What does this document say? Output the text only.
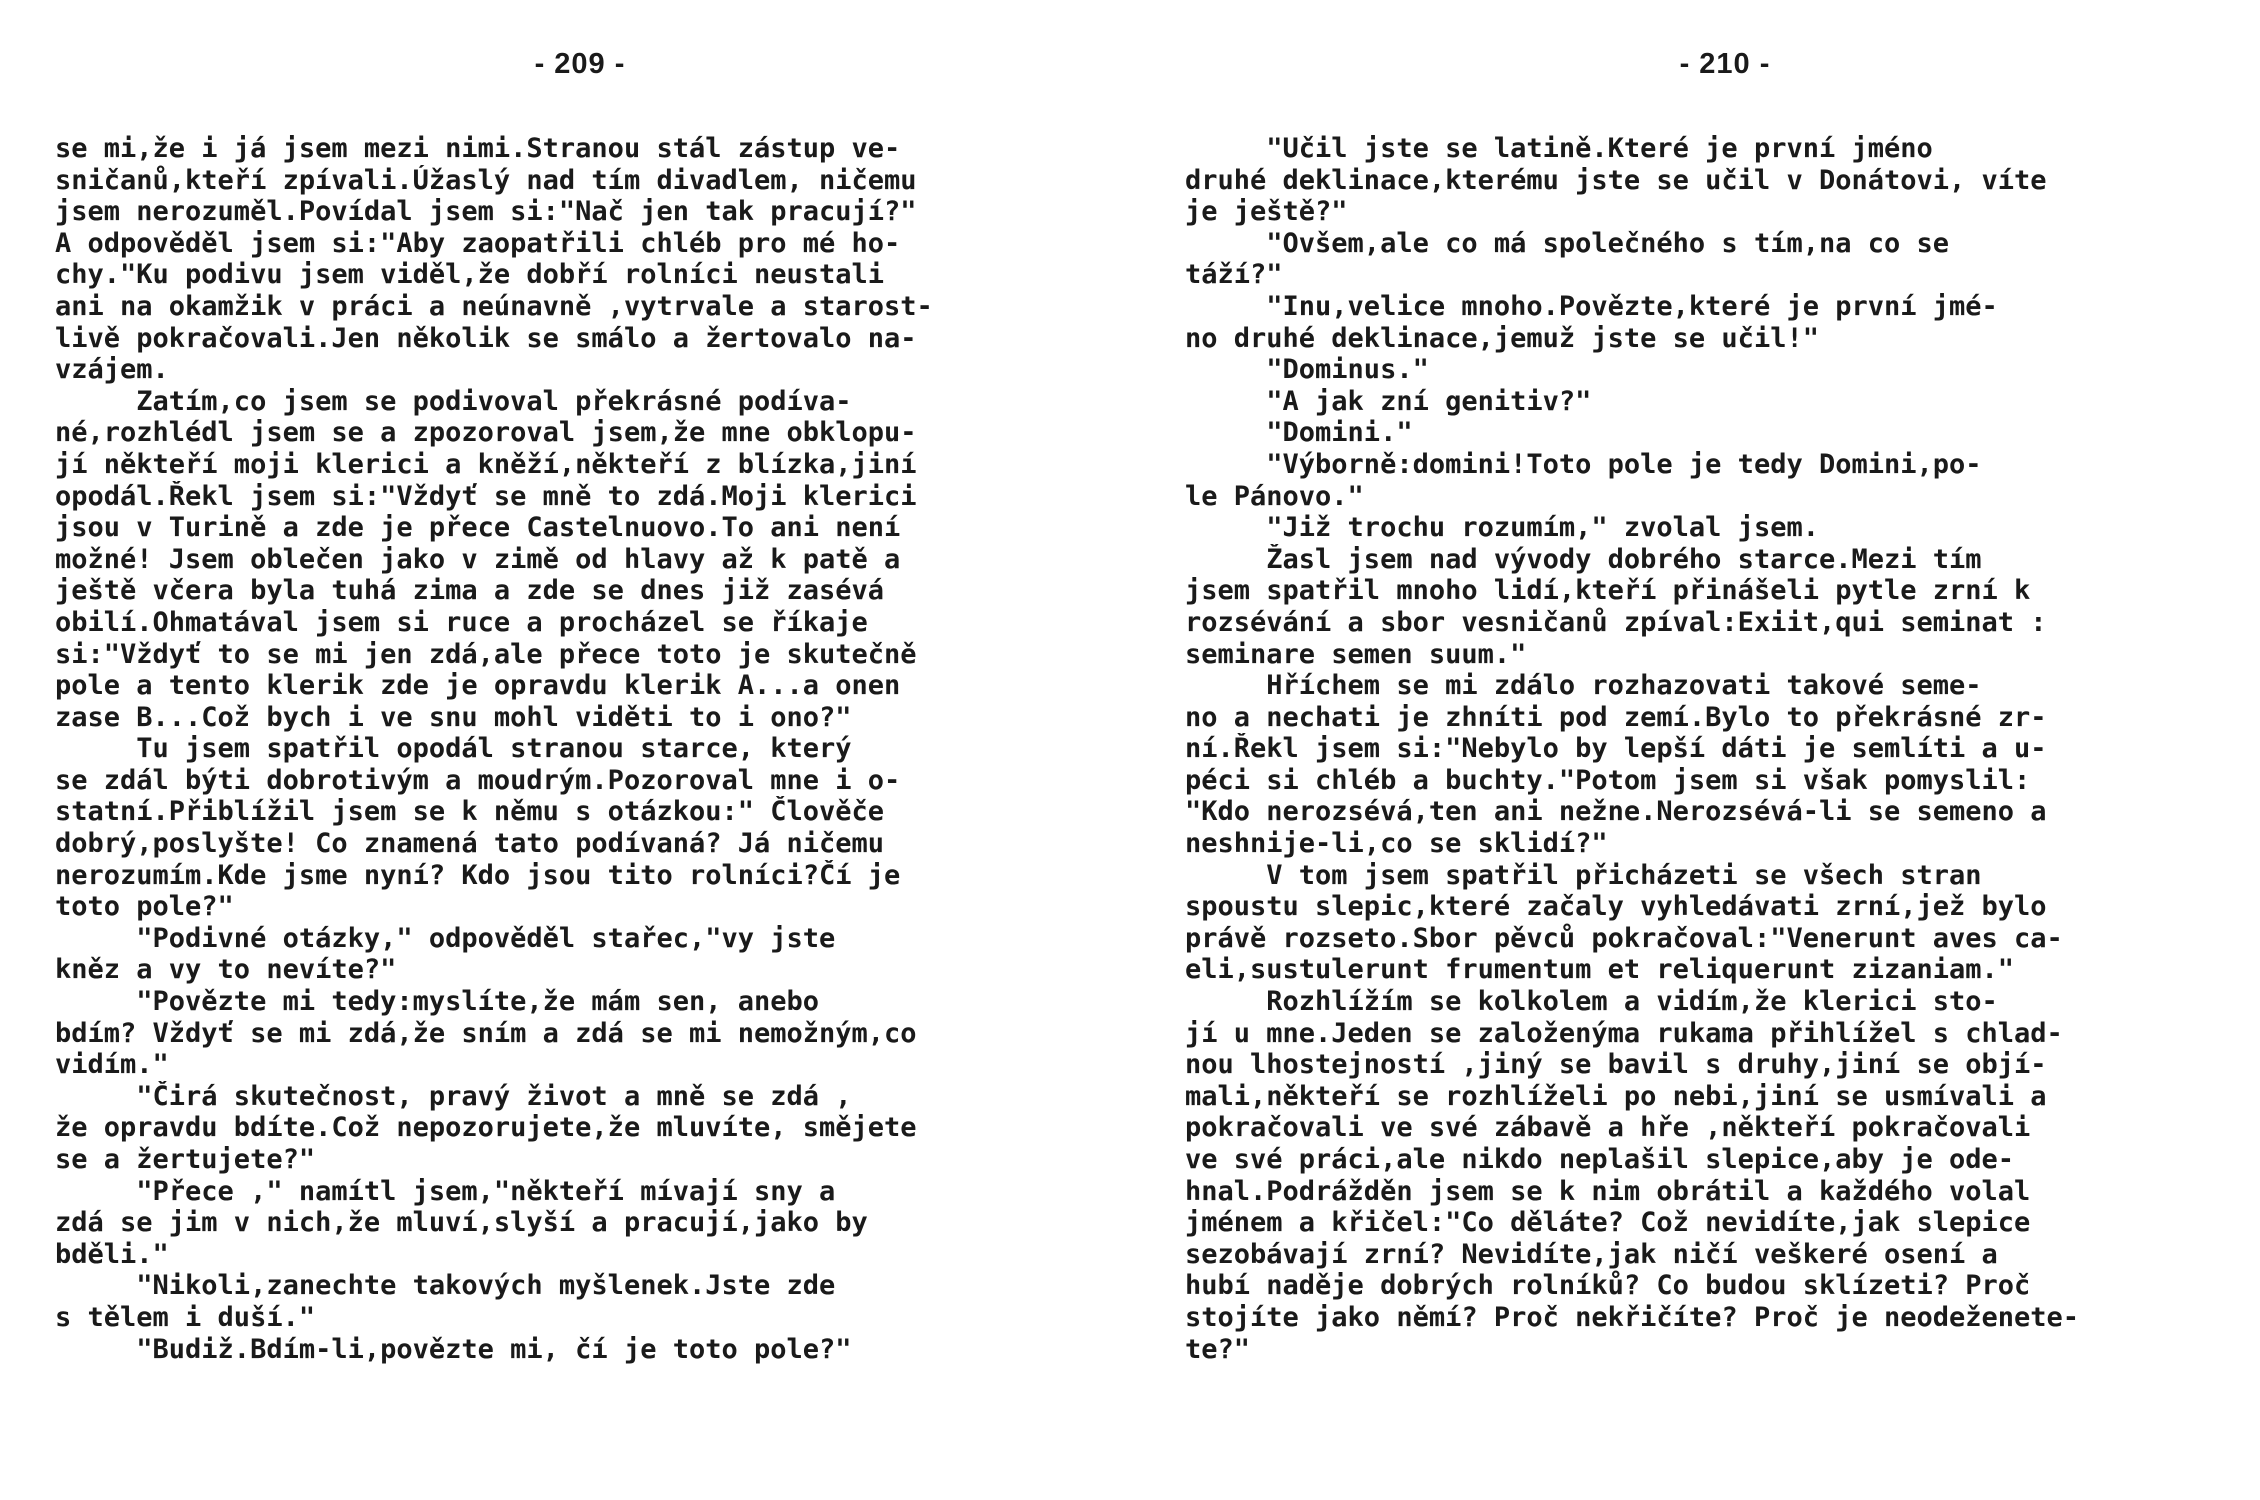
- 209 -
se mi,že i já jsem mezi nimi.Stranou stál zástup ve-
sničanů,kteří zpívali.Úžaslý nad tím divadlem, ničemu
jsem nerozuměl.Povídal jsem si:"Nač jen tak pracují?"
A odpověděl jsem si:"Aby zaopatřili chléb pro mé ho-
chy."Ku podivu jsem viděl,že dobří rolníci neustali
ani na okamžik v práci a neúnavně ,vytrvale a starost-
livě pokračovali.Jen několik se smálo a žertovalo na-
vzájem.
Zatím,co jsem se podivoval překrásné podíva-
né,rozhlédl jsem se a zpozoroval jsem,že mne obklopu-
jí někteří moji klerici a kněží,někteří z blízka,jiní
opodál.Řekl jsem si:"Vždyť se mně to zdá.Moji klerici
jsou v Turině a zde je přece Castelnuovo.To ani není
možné! Jsem oblečen jako v zimě od hlavy až k patě a
ještě včera byla tuhá zima a zde se dnes již zasévá
obilí.Ohmatával jsem si ruce a procházel se říkaje
si:"Vždyť to se mi jen zdá,ale přece toto je skutečně
pole a tento klerik zde je opravdu klerik A...a onen
zase B...Což bych i ve snu mohl viděti to i ono?"
Tu jsem spatřil opodál stranou starce, který
se zdál býti dobrotivým a moudrým.Pozoroval mne i o-
statní.Přiblížil jsem se k němu s otázkou:" Člověče
dobrý,poslyšte! Co znamená tato podívaná? Já ničemu
nerozumím.Kde jsme nyní? Kdo jsou tito rolníci?Čí je
toto pole?"
"Podivné otázky," odpověděl stařec,"vy jste
kněz a vy to nevíte?"
"Povězte mi tedy:myslíte,že mám sen, anebo
bdím? Vždyť se mi zdá,že sním a zdá se mi nemožným,co
vidím."
"Čirá skutečnost, pravý život a mně se zdá ,
že opravdu bdíte.Což nepozorujete,že mluvíte, smějete
se a žertujete?"
"Přece ," namítl jsem,"někteří mívají sny a
zdá se jim v nich,že mluví,slyší a pracují,jako by
bděli."
"Nikoli,zanechte takových myšlenek.Jste zde
s tělem i duší."
"Budiž.Bdím-li,povězte mi, čí je toto pole?"
- 210 -
"Učil jste se latině.Které je první jméno
druhé deklinace,kterému jste se učil v Donátovi, víte
je ještě?"
"Ovšem,ale co má společného s tím,na co se
táží?"
"Inu,velice mnoho.Povězte,které je první jmé-
no druhé deklinace,jemuž jste se učil!"
"Dominus."
"A jak zní genitiv?"
"Domini."
"Výborně:domini!Toto pole je tedy Domini,po-
le Pánovo."
"Již trochu rozumím," zvolal jsem.
Žasl jsem nad vývody dobrého starce.Mezi tím
jsem spatřil mnoho lidí,kteří přinášeli pytle zrní k
rozsévání a sbor vesničanů zpíval:Exiit,qui seminat :
seminare semen suum."
Hříchem se mi zdálo rozhazovati takové seme-
no a nechati je zhníti pod zemí.Bylo to překrásné zr-
ní.Řekl jsem si:"Nebylo by lepší dáti je semlíti a u-
péci si chléb a buchty."Potom jsem si však pomyslil:
"Kdo nerozsévá,ten ani nežne.Nerozsévá-li se semeno a
neshnije-li,co se sklidí?"
V tom jsem spatřil přicházeti se všech stran
spoustu slepic,které začaly vyhledávati zrní,jež bylo
právě rozseto.Sbor pěvců pokračoval:"Venerunt aves ca-
eli,sustulerunt frumentum et reliquerunt zizaniam."
Rozhlížím se kolkolem a vidím,že klerici sto-
jí u mne.Jeden se založenýma rukama přihlížel s chlad-
nou lhostejností ,jiný se bavil s druhy,jiní se objí-
mali,někteří se rozhlíželi po nebi,jiní se usmívali a
pokračovali ve své zábavě a hře ,někteří pokračovali
ve své práci,ale nikdo neplašil slepice,aby je ode-
hnal.Podrážděn jsem se k nim obrátil a každého volal
jménem a křičel:"Co děláte? Což nevidíte,jak slepice
sezobávají zrní? Nevidíte,jak ničí veškeré osení a
hubí naděje dobrých rolníků? Co budou sklízeti? Proč
stojíte jako němí? Proč nekřičíte? Proč je neodeženete-
te?"
